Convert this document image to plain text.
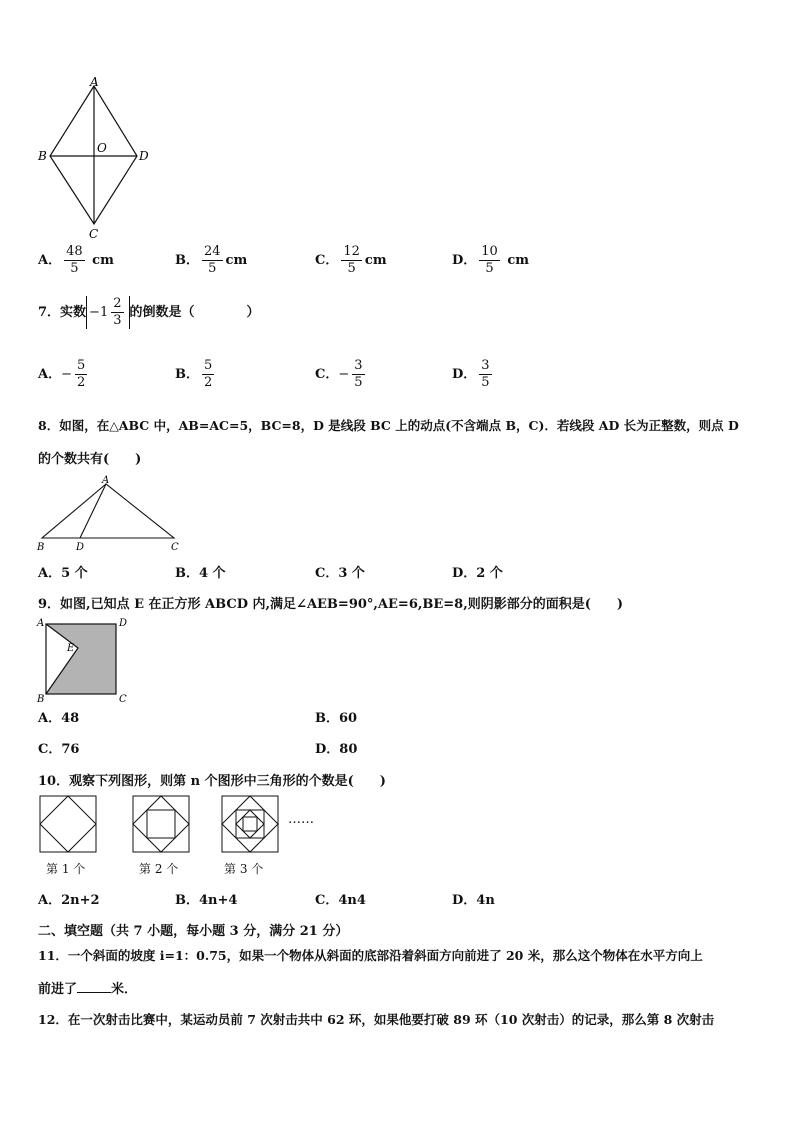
A
B
O
D
C
A． $\frac{48}{5}$ cm	B． $\frac{24}{5}$ cm	C． $\frac{12}{5}$ cm	D． $\frac{10}{5}$ cm
7．实数 $-1 \frac{2}{3}$ 的倒数是（　　　　）
A．− $\frac{5}{2}$	B． $\frac{5}{2}$	C．− $\frac{3}{5}$	D． $\frac{3}{5}$
8．如图，在△ABC 中，AB=AC=5，BC=8，D 是线段 BC 上的动点(不含端点 B，C)．若线段 AD 长为正整数，则点 D
的个数共有(　　)
A
B	D	C
A．5 个	B．4 个	C．3 个	D．2 个
9．如图,已知点 E 在正方形 ABCD 内,满足∠AEB=90°,AE=6,BE=8,则阴影部分的面积是(　　)
A	D
E
B	C
A．48	B．60
C．76	D．80
10．观察下列图形，则第 n 个图形中三角形的个数是(　　)
……
第 1 个	第 2 个	第 3 个
A．2n+2	B．4n+4	C．4n4	D．4n
二、填空题（共 7 小题，每小题 3 分，满分 21 分）
11．一个斜面的坡度 i=1：0.75，如果一个物体从斜面的底部沿着斜面方向前进了 20 米，那么这个物体在水平方向上
前进了	米．
12．在一次射击比赛中，某运动员前 7 次射击共中 62 环，如果他要打破 89 环（10 次射击）的记录，那么第 8 次射击
